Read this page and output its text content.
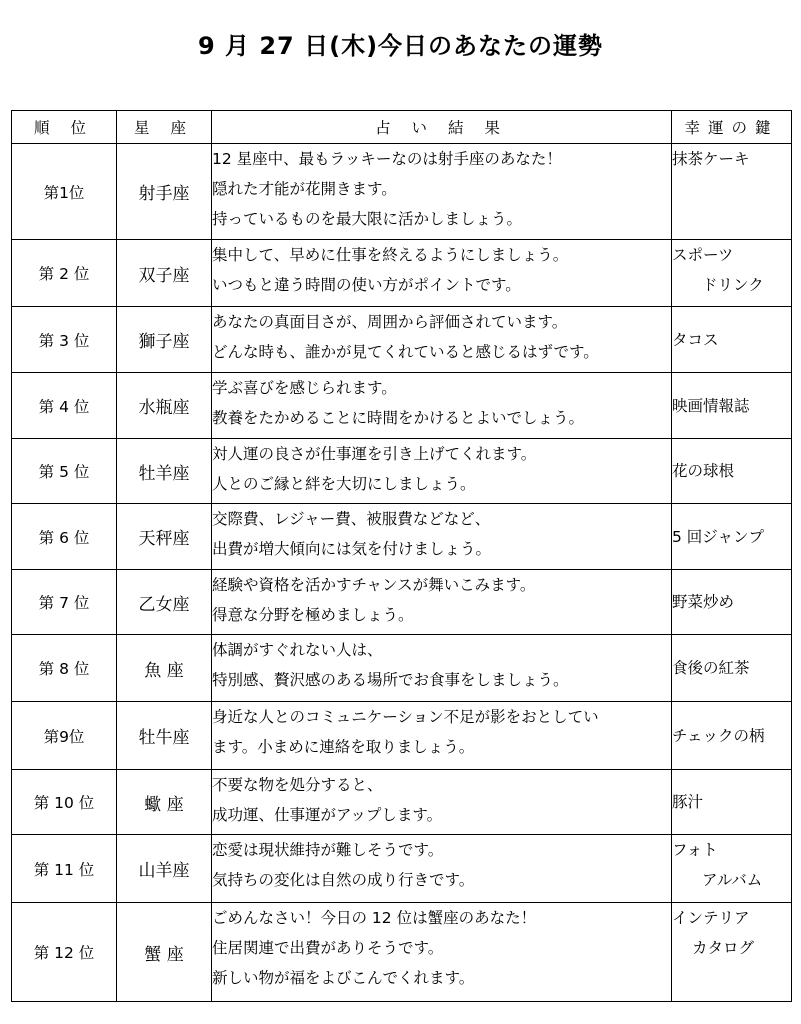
9 月 27 日(木)今日のあなたの運勢
順 位	星 座	占 い 結 果	幸運の鍵
第1位	射手座	12 星座中、最もラッキーなのは射手座のあなた！
隠れた才能が花開きます。
持っているものを最大限に活かしましょう。	抹茶ケーキ

第 2 位	双子座	集中して、早めに仕事を終えるようにしましょう。
いつもと違う時間の使い方がポイントです。	スポーツ
ドリンク

第 3 位	獅子座	あなたの真面目さが、周囲から評価されています。
どんな時も、誰かが見てくれていると感じるはずです。	タコス

第 4 位	水瓶座	学ぶ喜びを感じられます。
教養をたかめることに時間をかけるとよいでしょう。	映画情報誌

第 5 位	牡羊座	対人運の良さが仕事運を引き上げてくれます。
人とのご縁と絆を大切にしましょう。	花の球根

第 6 位	天秤座	交際費、レジャー費、被服費などなど、
出費が増大傾向には気を付けましょう。	5 回ジャンプ

第 7 位	乙女座	経験や資格を活かすチャンスが舞いこみます。
得意な分野を極めましょう。	野菜炒め

第 8 位	魚 座	体調がすぐれない人は、
特別感、贅沢感のある場所でお食事をしましょう。	食後の紅茶

第9位	牡牛座	身近な人とのコミュニケーション不足が影をおとしてい
ます。小まめに連絡を取りましょう。	チェックの柄

第 10 位	蠍 座	不要な物を処分すると、
成功運、仕事運がアップします。	豚汁

第 11 位	山羊座	恋愛は現状維持が難しそうです。
気持ちの変化は自然の成り行きです。	フォト
アルバム

第 12 位	蟹 座	ごめんなさい！今日の 12 位は蟹座のあなた！
住居関連で出費がありそうです。
新しい物が福をよびこんでくれます。	インテリア
カタログ
